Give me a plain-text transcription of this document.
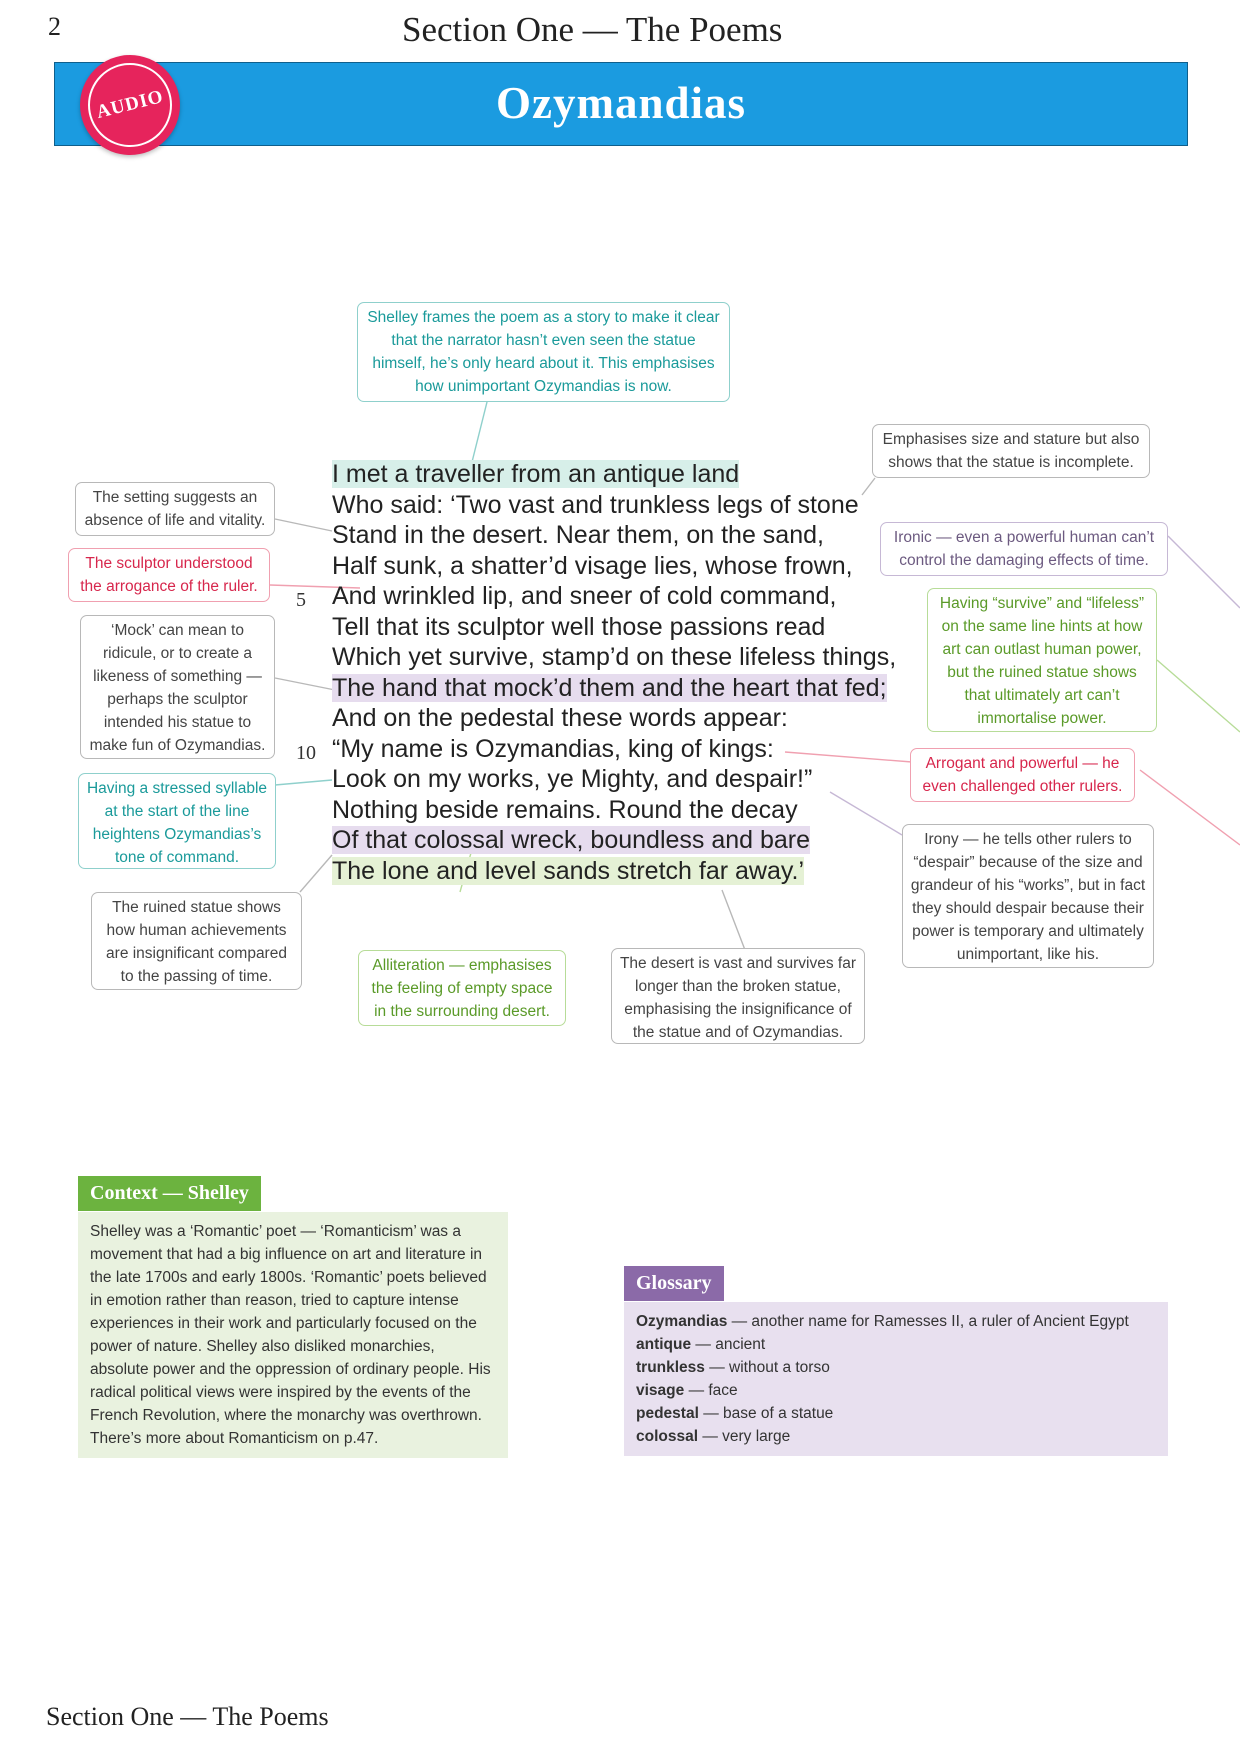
2	Section One — The Poems
Ozymandias
AUDIO
I met a traveller from an antique land
Who said: ‘Two vast and trunkless legs of stone
Stand in the desert. Near them, on the sand,
Half sunk, a shatter’d visage lies, whose frown,
And wrinkled lip, and sneer of cold command,
Tell that its sculptor well those passions read
Which yet survive, stamp’d on these lifeless things,
The hand that mock’d them and the heart that fed;
And on the pedestal these words appear:
“My name is Ozymandias, king of kings:
Look on my works, ye Mighty, and despair!”
Nothing beside remains. Round the decay
Of that colossal wreck, boundless and bare
The lone and level sands stretch far away.’
5
10
Shelley frames the poem as a story to make it clear that the narrator hasn’t even seen the statue himself, he’s only heard about it. This emphasises how unimportant Ozymandias is now.
Emphasises size and stature but also shows that the statue is incomplete.
The setting suggests an absence of life and vitality.
Ironic — even a powerful human can’t control the damaging effects of time.
The sculptor understood the arrogance of the ruler.
Having “survive” and “lifeless” on the same line hints at how art can outlast human power, but the ruined statue shows that ultimately art can’t immortalise power.
‘Mock’ can mean to ridicule, or to create a likeness of something — perhaps the sculptor intended his statue to make fun of Ozymandias.
Arrogant and powerful — he even challenged other rulers.
Having a stressed syllable at the start of the line heightens Ozymandias’s tone of command.
Irony — he tells other rulers to “despair” because of the size and grandeur of his “works”, but in fact they should despair because their power is temporary and ultimately unimportant, like his.
The ruined statue shows how human achievements are insignificant compared to the passing of time.
Alliteration — emphasises the feeling of empty space in the surrounding desert.
The desert is vast and survives far longer than the broken statue, emphasising the insignificance of the statue and of Ozymandias.
Context — Shelley
Shelley was a ‘Romantic’ poet — ‘Romanticism’ was a movement that had a big influence on art and literature in the late 1700s and early 1800s. ‘Romantic’ poets believed in emotion rather than reason, tried to capture intense experiences in their work and particularly focused on the power of nature. Shelley also disliked monarchies, absolute power and the oppression of ordinary people. His radical political views were inspired by the events of the French Revolution, where the monarchy was overthrown. There’s more about Romanticism on p.47.
Glossary
Ozymandias — another name for Ramesses II, a ruler of Ancient Egypt
antique — ancient
trunkless — without a torso
visage — face
pedestal — base of a statue
colossal — very large
Section One — The Poems
